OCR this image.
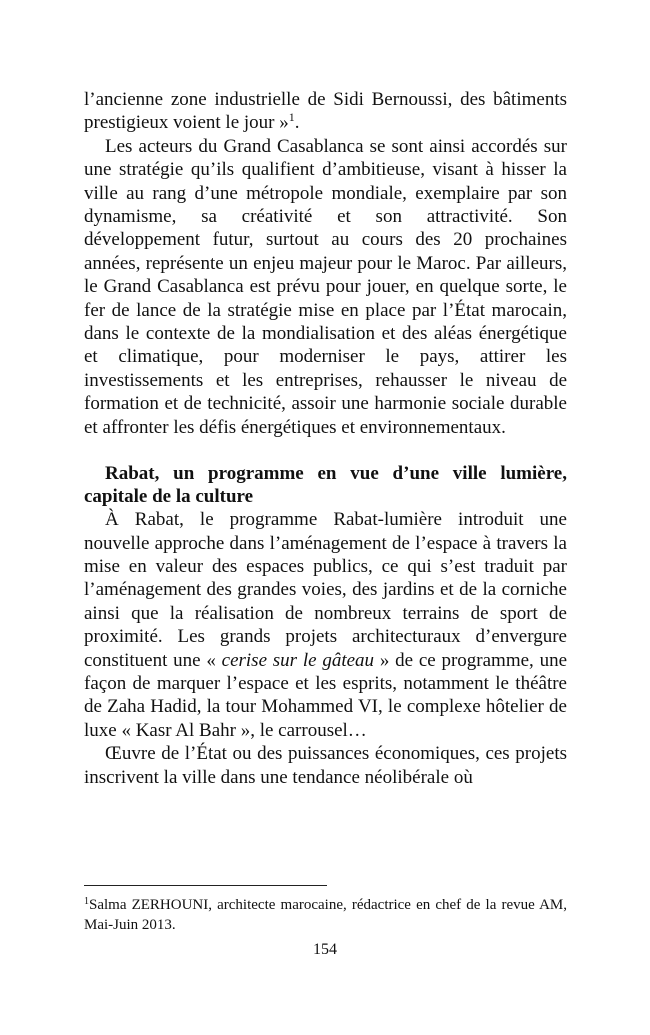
l’ancienne zone industrielle de Sidi Bernoussi, des bâtiments prestigieux voient le jour »$^1$.

Les acteurs du Grand Casablanca se sont ainsi accordés sur une stratégie qu’ils qualifient d’ambitieuse, visant à hisser la ville au rang d’une métropole mondiale, exemplaire par son dynamisme, sa créativité et son attractivité. Son développement futur, surtout au cours des 20 prochaines années, représente un enjeu majeur pour le Maroc. Par ailleurs, le Grand Casablanca est prévu pour jouer, en quelque sorte, le fer de lance de la stratégie mise en place par l’État marocain, dans le contexte de la mondialisation et des aléas énergétique et climatique, pour moderniser le pays, attirer les investissements et les entreprises, rehausser le niveau de formation et de technicité, assoir une harmonie sociale durable et affronter les défis énergétiques et environnementaux.

Rabat, un programme en vue d’une ville lumière, capitale de la culture

À Rabat, le programme Rabat-lumière introduit une nouvelle approche dans l’aménagement de l’espace à travers la mise en valeur des espaces publics, ce qui s’est traduit par l’aménagement des grandes voies, des jardins et de la corniche ainsi que la réalisation de nombreux terrains de sport de proximité. Les grands projets architecturaux d’envergure constituent une « cerise sur le gâteau » de ce programme, une façon de marquer l’espace et les esprits, notamment le théâtre de Zaha Hadid, la tour Mohammed VI, le complexe hôtelier de luxe « Kasr Al Bahr », le carrousel…

Œuvre de l’État ou des puissances économiques, ces projets inscrivent la ville dans une tendance néolibérale où

$^1$Salma ZERHOUNI, architecte marocaine, rédactrice en chef de la revue AM, Mai-Juin 2013.

154
